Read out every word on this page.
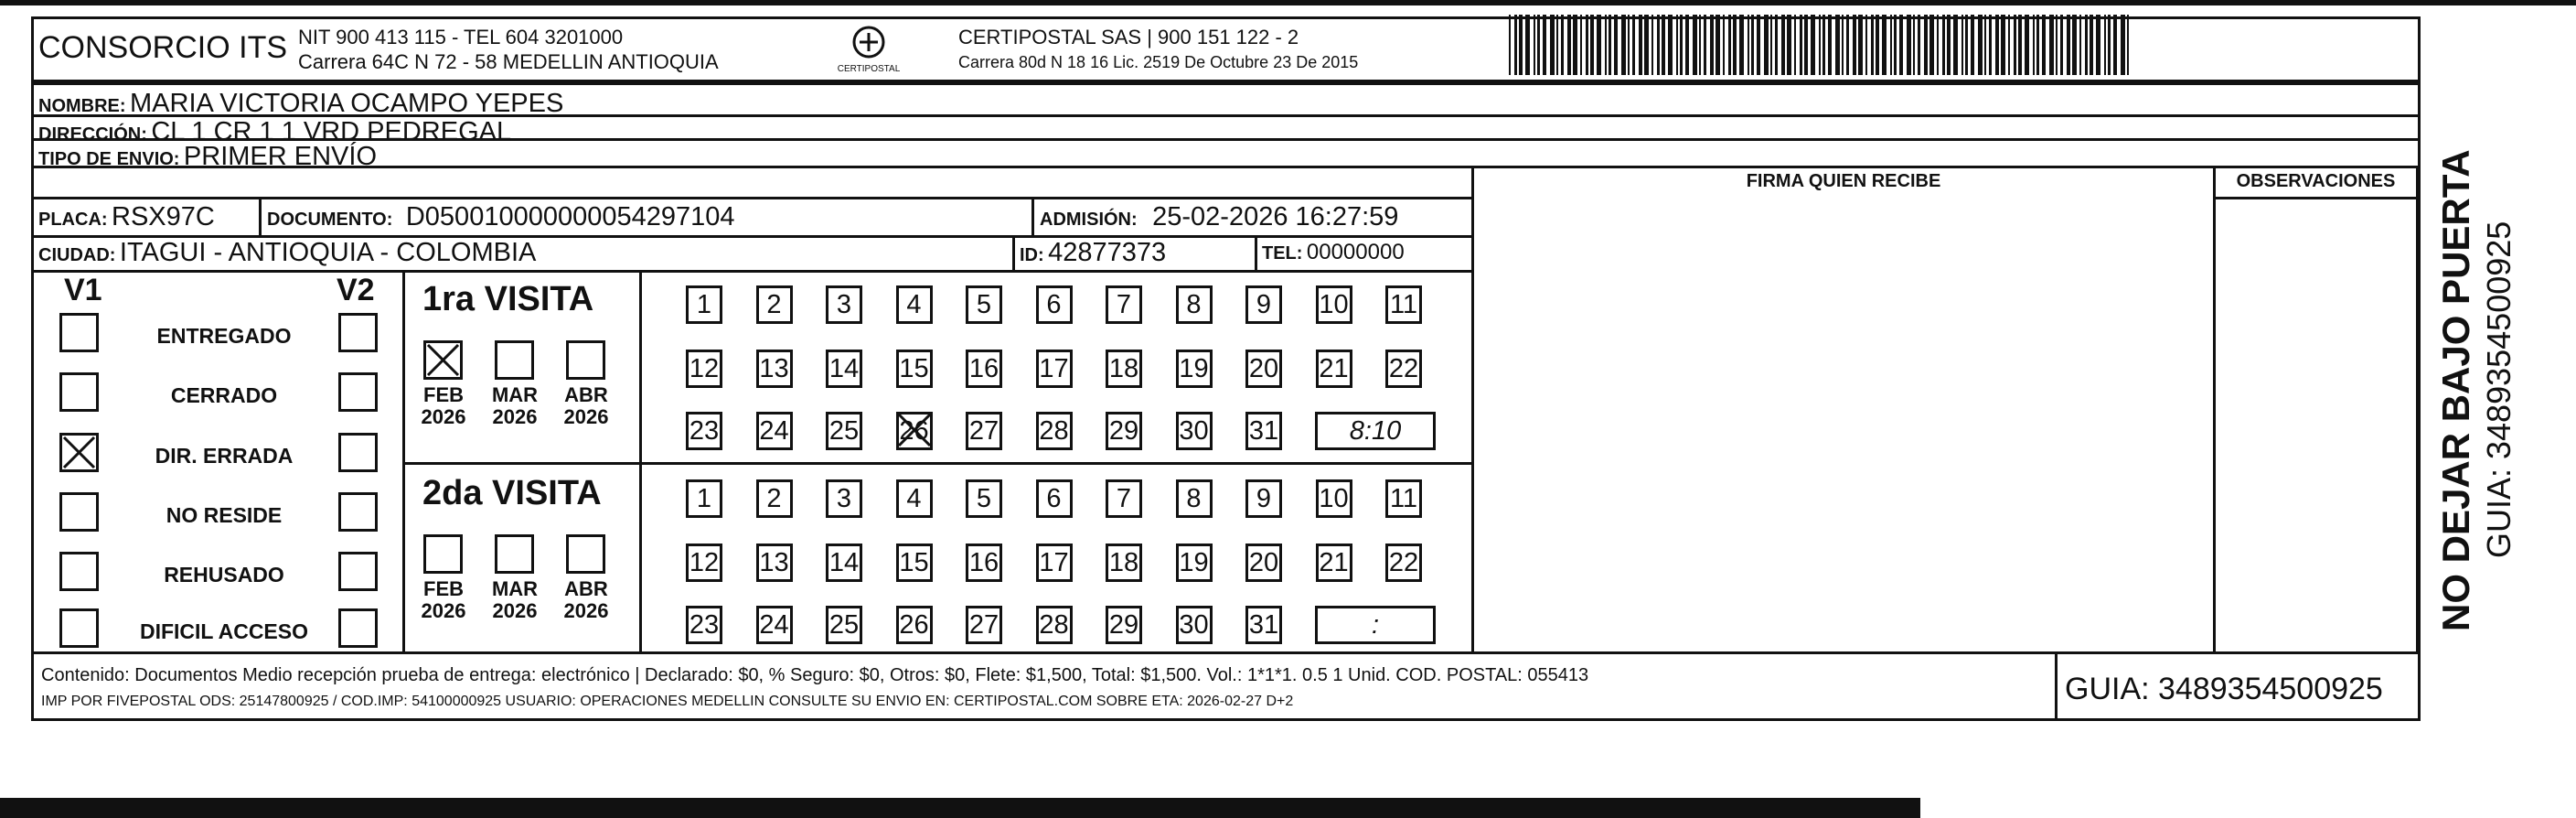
CONSORCIO ITS NIT 900 413 115 - TEL 604 3201000
Carrera 64C N 72 - 58 MEDELLIN ANTIOQUIA	CERTIPOSTAL
CERTIPOSTAL SAS | 900 151 122 - 2
Carrera 80d N 18 16 Lic. 2519 De Octubre 23 De 2015
NOMBRE: MARIA VICTORIA OCAMPO YEPES
DIRECCIÓN: CL 1 CR 1 1 VRD PEDREGAL
TIPO DE ENVIO: PRIMER ENVÍO
PLACA: RSX97C	DOCUMENTO: D050010000000054297104	ADMISIÓN: 25-02-2026 16:27:59
CIUDAD: ITAGUI - ANTIOQUIA - COLOMBIA	ID: 42877373	TEL: 00000000
FIRMA QUIEN RECIBE	OBSERVACIONES
V1	V2
ENTREGADO
CERRADO
DIR. ERRADA
NO RESIDE
REHUSADO
DIFICIL ACCESO
1ra VISITA
FEB
2026
MAR
2026
ABR
2026
1	2	3	4	5	6	7	8	9	10 11
12 13 14 15 16 17 18 19 20 21 22
23 24 25 26 27 28 29 30 31	8:10
2da VISITA
FEB
2026
MAR
2026
ABR
2026
1	2	3	4	5	6	7	8	9	10 11
12 13 14 15 16 17 18 19 20 21 22
23 24 25 26 27 28 29 30 31	:
Contenido: Documentos Medio recepción prueba de entrega: electrónico | Declarado: $0, % Seguro: $0, Otros: $0, Flete: $1,500, Total: $1,500. Vol.: 1*1*1. 0.5 1 Unid. COD. POSTAL: 055413
IMP POR FIVEPOSTAL ODS: 25147800925 / COD.IMP: 54100000925 USUARIO: OPERACIONES MEDELLIN CONSULTE SU ENVIO EN: CERTIPOSTAL.COM SOBRE ETA: 2026-02-27 D+2	GUIA: 3489354500925
NO DEJAR BAJO PUERTA GUIA: 3489354500925
